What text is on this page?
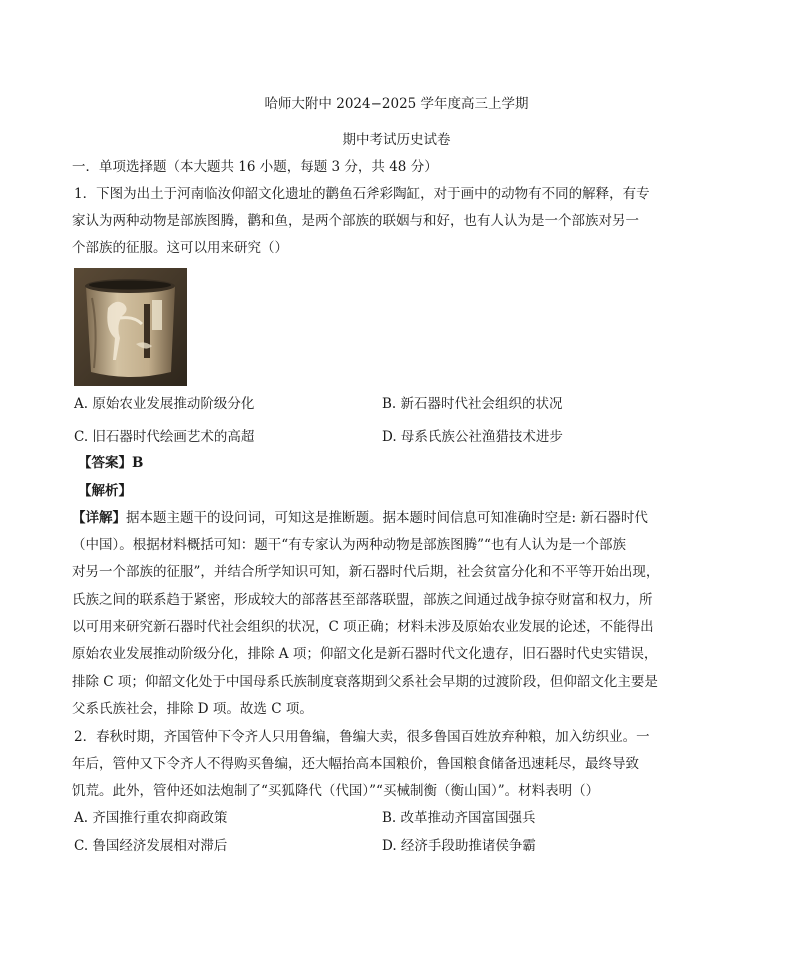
哈师大附中 2024−2025 学年度高三上学期
期中考试历史试卷
一．单项选择题（本大题共 16 小题，每题 3 分，共 48 分）
1．下图为出土于河南临汝仰韶文化遗址的鹳鱼石斧彩陶缸，对于画中的动物有不同的解释，有专
家认为两种动物是部族图腾，鹳和鱼，是两个部族的联姻与和好，也有人认为是一个部族对另一
个部族的征服。这可以用来研究（）
A. 原始农业发展推动阶级分化	B. 新石器时代社会组织的状况
C. 旧石器时代绘画艺术的高超	D. 母系氏族公社渔猎技术进步
【答案】B
【解析】
【详解】据本题主题干的设问词，可知这是推断题。据本题时间信息可知准确时空是: 新石器时代
（中国）。根据材料概括可知：题干“有专家认为两种动物是部族图腾”“也有人认为是一个部族
对另一个部族的征服”，并结合所学知识可知，新石器时代后期，社会贫富分化和不平等开始出现，
氏族之间的联系趋于紧密，形成较大的部落甚至部落联盟，部族之间通过战争掠夺财富和权力，所
以可用来研究新石器时代社会组织的状况，C 项正确；材料未涉及原始农业发展的论述，不能得出
原始农业发展推动阶级分化，排除 A 项；仰韶文化是新石器时代文化遗存，旧石器时代史实错误，
排除 C 项；仰韶文化处于中国母系氏族制度衰落期到父系社会早期的过渡阶段，但仰韶文化主要是
父系氏族社会，排除 D 项。故选 C 项。
2．春秋时期，齐国管仲下令齐人只用鲁编，鲁编大卖，很多鲁国百姓放弃种粮，加入纺织业。一
年后，管仲又下令齐人不得购买鲁编，还大幅抬高本国粮价，鲁国粮食储备迅速耗尽，最终导致
饥荒。此外，管仲还如法炮制了“买狐降代（代国）”“买械制衡（衡山国）”。材料表明（）
A. 齐国推行重农抑商政策	B. 改革推动齐国富国强兵
C. 鲁国经济发展相对滞后	D. 经济手段助推诸侯争霸
